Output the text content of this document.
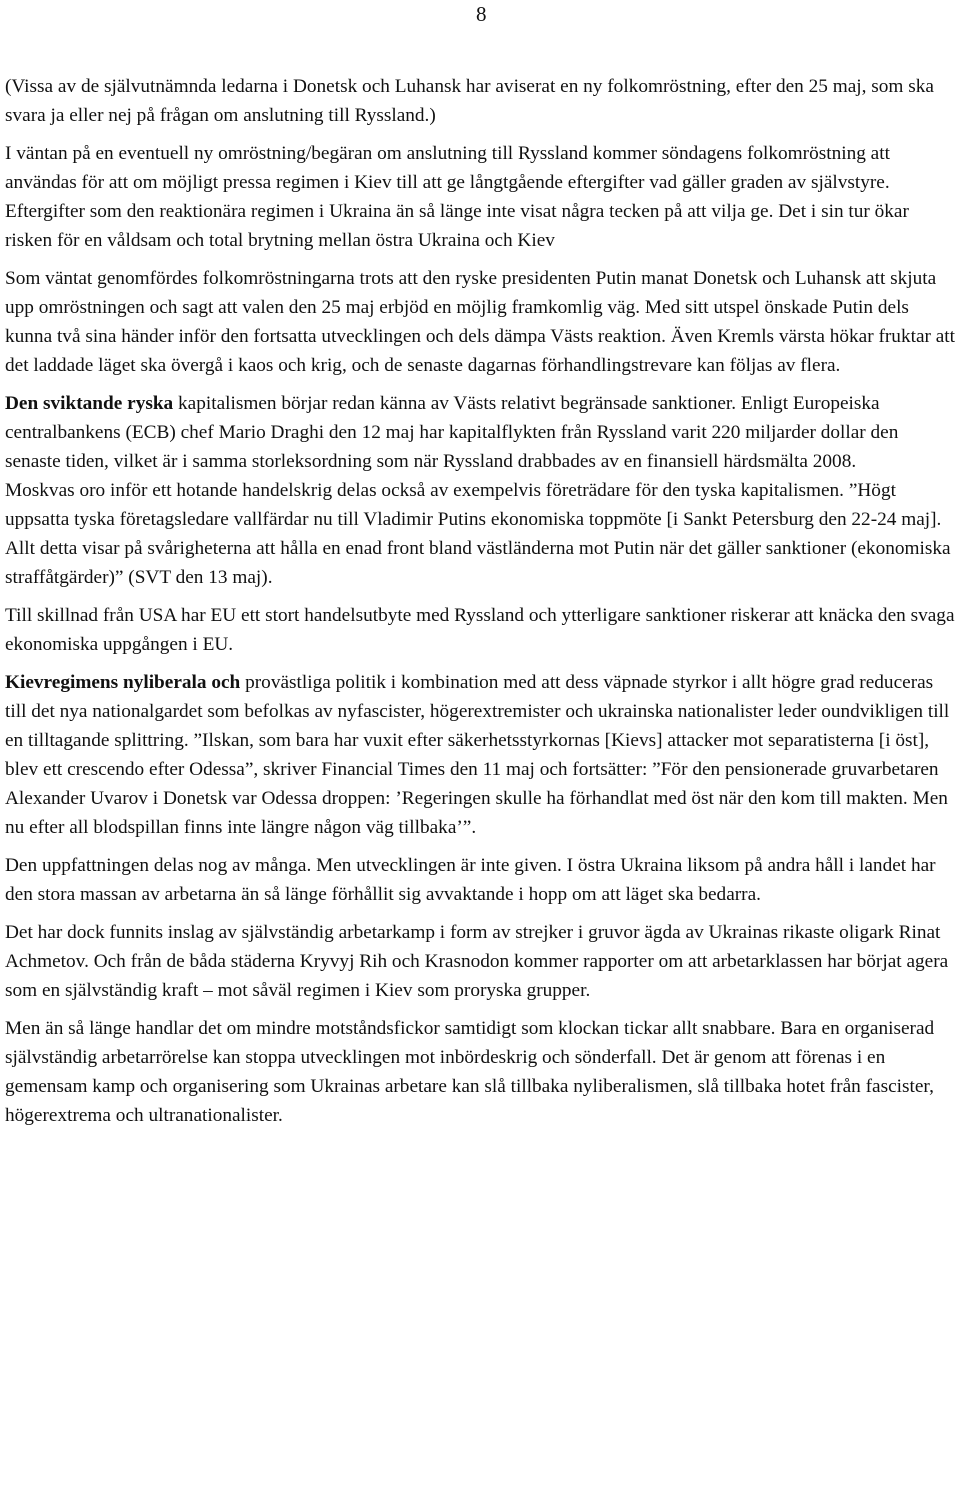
8

(Vissa av de självutnämnda ledarna i Donetsk och Luhansk har aviserat en ny folkomröstning, efter den 25 maj, som ska svara ja eller nej på frågan om anslutning till Ryssland.)

I väntan på en eventuell ny omröstning/begäran om anslutning till Ryssland kommer söndagens folkomröstning att användas för att om möjligt pressa regimen i Kiev till att ge långtgående eftergifter vad gäller graden av självstyre. Eftergifter som den reaktionära regimen i Ukraina än så länge inte visat några tecken på att vilja ge. Det i sin tur ökar risken för en våldsam och total brytning mellan östra Ukraina och Kiev

Som väntat genomfördes folkomröstningarna trots att den ryske presidenten Putin manat Donetsk och Luhansk att skjuta upp omröstningen och sagt att valen den 25 maj erbjöd en möjlig framkomlig väg. Med sitt utspel önskade Putin dels kunna två sina händer inför den fortsatta utvecklingen och dels dämpa Västs reaktion. Även Kremls värsta hökar fruktar att det laddade läget ska övergå i kaos och krig, och de senaste dagarnas förhandlingstrevare kan följas av flera.

Den sviktande ryska kapitalismen börjar redan känna av Västs relativt begränsade sanktioner. Enligt Europeiska centralbankens (ECB) chef Mario Draghi den 12 maj har kapitalflykten från Ryssland varit 220 miljarder dollar den senaste tiden, vilket är i samma storleksordning som när Ryssland drabbades av en finansiell härdsmälta 2008.

Moskvas oro inför ett hotande handelskrig delas också av exempelvis företrädare för den tyska kapitalismen. ”Högt uppsatta tyska företagsledare vallfärdar nu till Vladimir Putins ekonomiska toppmöte [i Sankt Petersburg den 22-24 maj]. Allt detta visar på svårigheterna att hålla en enad front bland västländerna mot Putin när det gäller sanktioner (ekonomiska straffåtgärder)” (SVT den 13 maj).

Till skillnad från USA har EU ett stort handelsutbyte med Ryssland och ytterligare sanktioner riskerar att knäcka den svaga ekonomiska uppgången i EU.

Kievregimens nyliberala och provästliga politik i kombination med att dess väpnade styrkor i allt högre grad reduceras till det nya nationalgardet som befolkas av nyfascister, högerextremister och ukrainska nationalister leder oundvikligen till en tilltagande splittring. ”Ilskan, som bara har vuxit efter säkerhetsstyrkornas [Kievs] attacker mot separatisterna [i öst], blev ett crescendo efter Odessa”, skriver Financial Times den 11 maj och fortsätter: ”För den pensionerade gruvarbetaren Alexander Uvarov i Donetsk var Odessa droppen: ’Regeringen skulle ha förhandlat med öst när den kom till makten. Men nu efter all blodspillan finns inte längre någon väg tillbaka’”.

Den uppfattningen delas nog av många. Men utvecklingen är inte given. I östra Ukraina liksom på andra håll i landet har den stora massan av arbetarna än så länge förhållit sig avvaktande i hopp om att läget ska bedarra.

Det har dock funnits inslag av självständig arbetarkamp i form av strejker i gruvor ägda av Ukrainas rikaste oligark Rinat Achmetov. Och från de båda städerna Kryvyj Rih och Krasnodon kommer rapporter om att arbetarklassen har börjat agera som en självständig kraft – mot såväl regimen i Kiev som proryska grupper.

Men än så länge handlar det om mindre motståndsfickor samtidigt som klockan tickar allt snabbare. Bara en organiserad självständig arbetarrörelse kan stoppa utvecklingen mot inbördeskrig och sönderfall. Det är genom att förenas i en gemensam kamp och organisering som Ukrainas arbetare kan slå tillbaka nyliberalismen, slå tillbaka hotet från fascister, högerextrema och ultranationalister.
